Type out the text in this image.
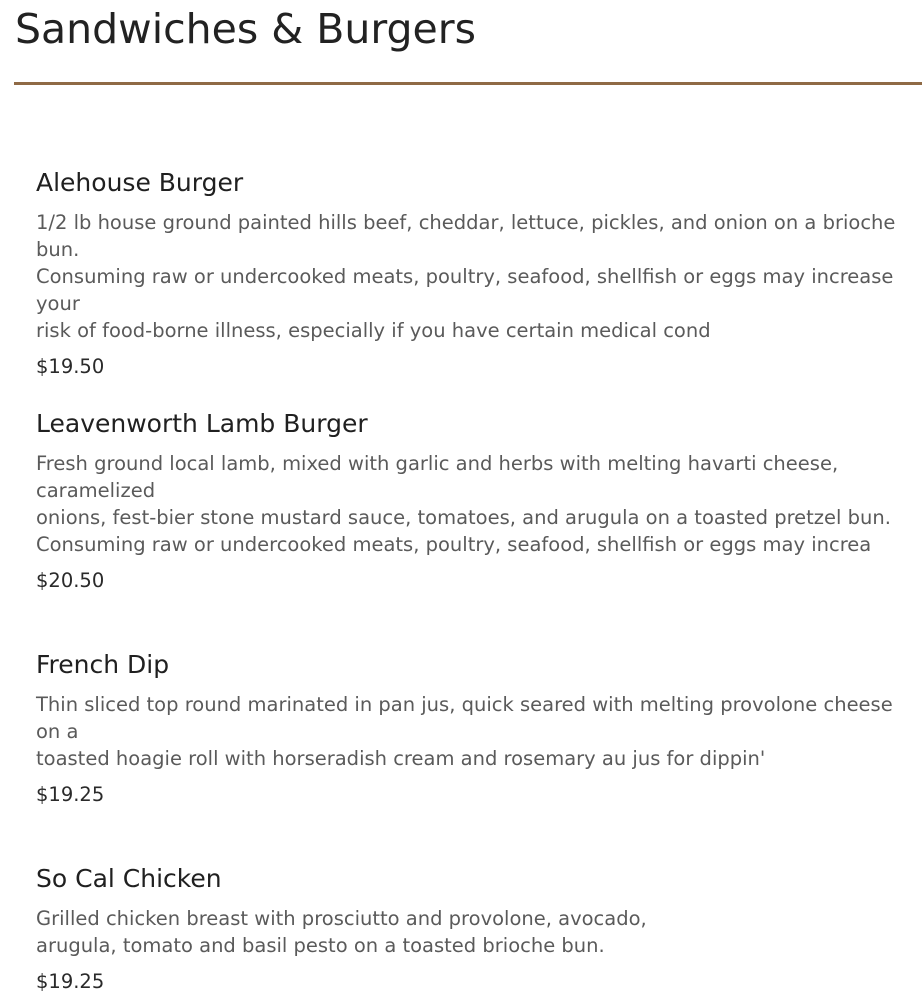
Sandwiches & Burgers
Alehouse Burger

1/2 lb house ground painted hills beef, cheddar, lettuce, pickles, and onion on a brioche bun.
Consuming raw or undercooked meats, poultry, seafood, shellfish or eggs may increase your
risk of food-borne illness, especially if you have certain medical cond

$19.50

Leavenworth Lamb Burger

Fresh ground local lamb, mixed with garlic and herbs with melting havarti cheese, caramelized
onions, fest-bier stone mustard sauce, tomatoes, and arugula on a toasted pretzel bun.
Consuming raw or undercooked meats, poultry, seafood, shellfish or eggs may increa

$20.50

French Dip

Thin sliced top round marinated in pan jus, quick seared with melting provolone cheese on a
toasted hoagie roll with horseradish cream and rosemary au jus for dippin'

$19.25

So Cal Chicken

Grilled chicken breast with prosciutto and provolone, avocado,
arugula, tomato and basil pesto on a toasted brioche bun.

$19.25
